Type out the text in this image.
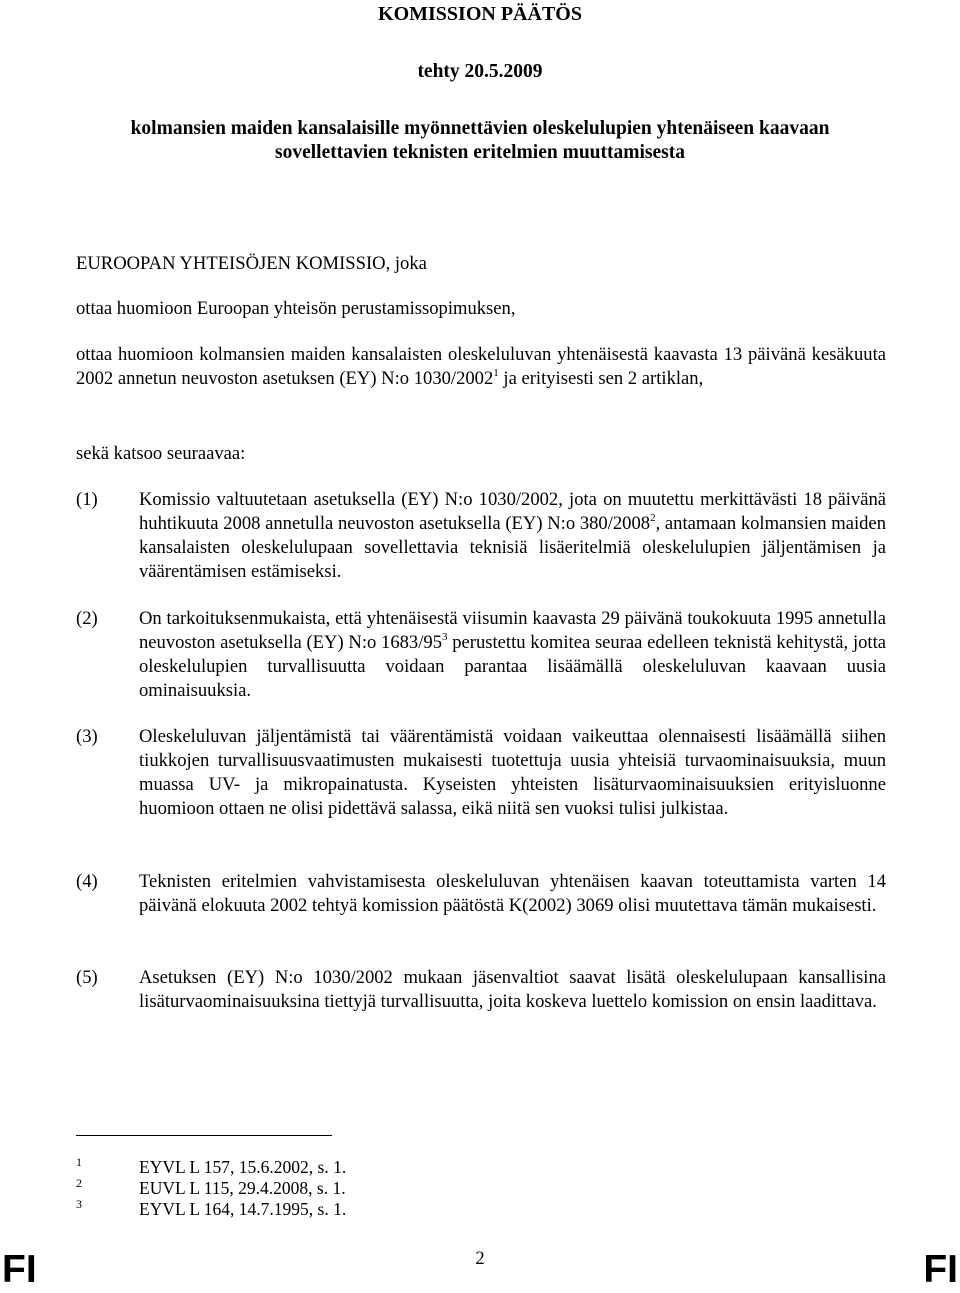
KOMISSION PÄÄTÖS
tehty 20.5.2009
kolmansien maiden kansalaisille myönnettävien oleskelulupien yhtenäiseen kaavaan
sovellettavien teknisten eritelmien muuttamisesta
EUROOPAN YHTEISÖJEN KOMISSIO, joka
ottaa huomioon Euroopan yhteisön perustamissopimuksen,
ottaa huomioon kolmansien maiden kansalaisten oleskeluluvan yhtenäisestä kaavasta 13 päivänä kesäkuuta 2002 annetun neuvoston asetuksen (EY) N:o 1030/2002$^1$ ja erityisesti sen 2 artiklan,
sekä katsoo seuraavaa:
(1)	Komissio valtuutetaan asetuksella (EY) N:o 1030/2002, jota on muutettu merkittävästi 18 päivänä huhtikuuta 2008 annetulla neuvoston asetuksella (EY) N:o 380/2008$^2$, antamaan kolmansien maiden kansalaisten oleskelulupaan sovellettavia teknisiä lisäeritelmiä oleskelulupien jäljentämisen ja väärentämisen estämiseksi.
(2)	On tarkoituksenmukaista, että yhtenäisestä viisumin kaavasta 29 päivänä toukokuuta 1995 annetulla neuvoston asetuksella (EY) N:o $1683/95^3$ perustettu komitea seuraa edelleen teknistä kehitystä, jotta oleskelulupien turvallisuutta voidaan parantaa lisäämällä oleskeluluvan kaavaan uusia ominaisuuksia.
(3)	Oleskeluluvan jäljentämistä tai väärentämistä voidaan vaikeuttaa olennaisesti lisäämällä siihen tiukkojen turvallisuusvaatimusten mukaisesti tuotettuja uusia yhteisiä turvaominaisuuksia, muun muassa UV- ja mikropainatusta. Kyseisten yhteisten lisäturvaominaisuuksien erityisluonne huomioon ottaen ne olisi pidettävä salassa, eikä niitä sen vuoksi tulisi julkistaa.
(4)	Teknisten eritelmien vahvistamisesta oleskeluluvan yhtenäisen kaavan toteuttamista varten 14 päivänä elokuuta 2002 tehtyä komission päätöstä K(2002) 3069 olisi muutettava tämän mukaisesti.
(5)	Asetuksen (EY) N:o 1030/2002 mukaan jäsenvaltiot saavat lisätä oleskelulupaan kansallisina lisäturvaominaisuuksina tiettyjä turvallisuutta, joita koskeva luettelo komission on ensin laadittava.
1	EYVL L 157, 15.6.2002, s. 1.
2	EUVL L 115, 29.4.2008, s. 1.
3	EYVL L 164, 14.7.1995, s. 1.
FI	2	FI
